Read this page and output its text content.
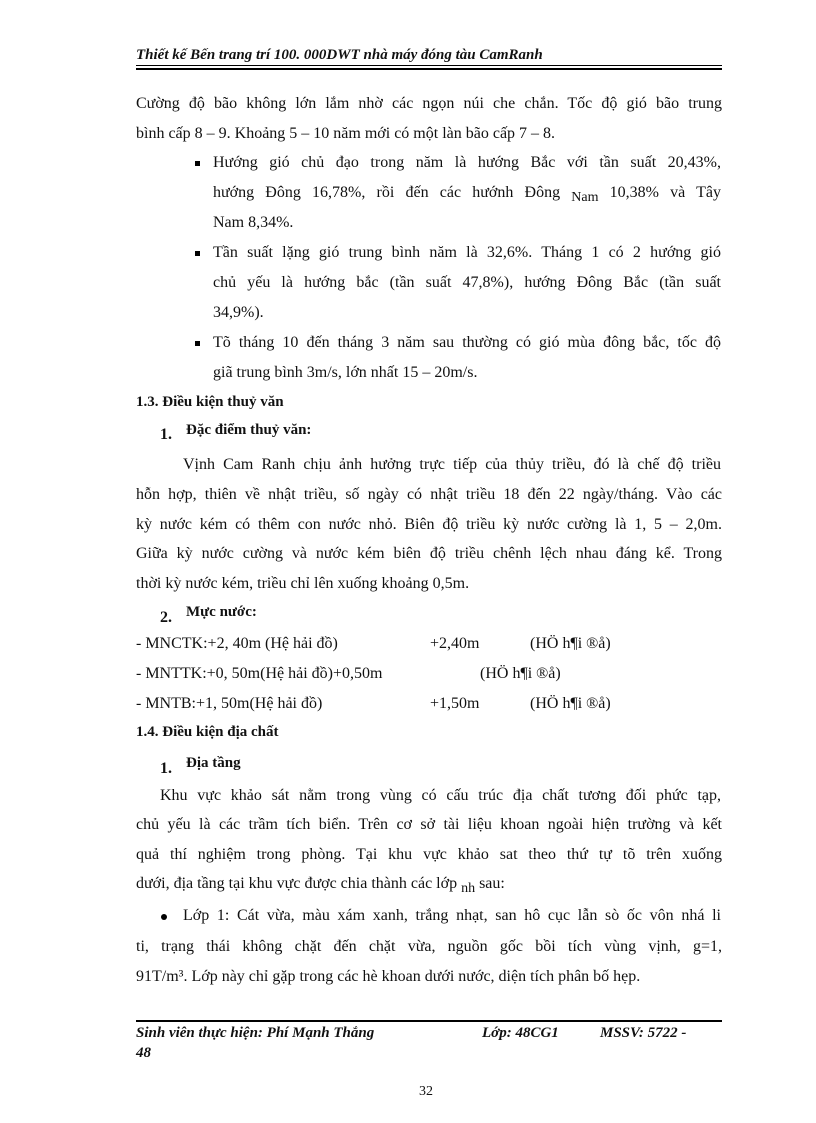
Thiết kế Bến trang trí 100. 000DWT nhà máy đóng tàu CamRanh
Cường độ bão không lớn lắm nhờ các ngọn núi che chắn. Tốc độ gió bão trung
bình cấp 8 – 9. Khoảng 5 – 10 năm mới có một làn bão cấp 7 – 8.
Hướng gió chủ đạo trong năm là hướng Bắc với tần suất 20,43%,
hướng Đông 16,78%, rồi đến các hướnh Đông Nam 10,38% và Tây
Nam 8,34%.
Tần suất lặng gió trung bình năm là 32,6%. Tháng 1 có 2 hướng gió
chủ yếu là hướng bắc (tần suất 47,8%), hướng Đông Bắc (tần suất
34,9%).
Tõ tháng 10 đến tháng 3 năm sau thường có gió mùa đông bắc, tốc độ
giã trung bình 3m/s, lớn nhất 15 – 20m/s.
1.3. Điều kiện thuỷ văn
1. Đặc điểm thuỷ văn:
Vịnh Cam Ranh chịu ảnh hưởng trực tiếp của thủy triều, đó là chế độ triều
hỗn hợp, thiên về nhật triều, số ngày có nhật triều 18 đến 22 ngày/tháng. Vào các
kỳ nước kém có thêm con nước nhỏ. Biên độ triều kỳ nước cường là 1, 5 – 2,0m.
Giữa kỳ nước cường và nước kém biên độ triều chênh lệch nhau đáng kể. Trong
thời kỳ nước kém, triều chỉ lên xuống khoảng 0,5m.
2. Mực nước:
- MNCTK:+2, 40m (Hệ hải đồ)	+2,40m	(HÖ h¶i ®å)
- MNTTK:+0, 50m(Hệ hải đồ)+0,50m	(HÖ h¶i ®å)
- MNTB:+1, 50m(Hệ hải đồ)	+1,50m	(HÖ h¶i ®å)
1.4. Điều kiện địa chất
1. Địa tầng
Khu vực khảo sát nằm trong vùng có cấu trúc địa chất tương đối phức tạp,
chủ yếu là các trầm tích biển. Trên cơ sở tài liệu khoan ngoài hiện trường và kết
quả thí nghiệm trong phòng. Tại khu vực khảo sat theo thứ tự tõ trên xuống
dưới, địa tầng tại khu vực được chia thành các lớp nh sau:
Lớp 1: Cát vừa, màu xám xanh, trắng nhạt, san hô cục lẫn sò ốc vôn nhá li
ti, trạng thái không chặt đến chặt vừa, nguồn gốc bồi tích vùng vịnh, g=1,
91T/m³. Lớp này chỉ gặp trong các hè khoan dưới nước, diện tích phân bố hẹp.
Sinh viên thực hiện: Phí Mạnh Thắng	Lớp: 48CG1	MSSV: 5722 -
48
32
